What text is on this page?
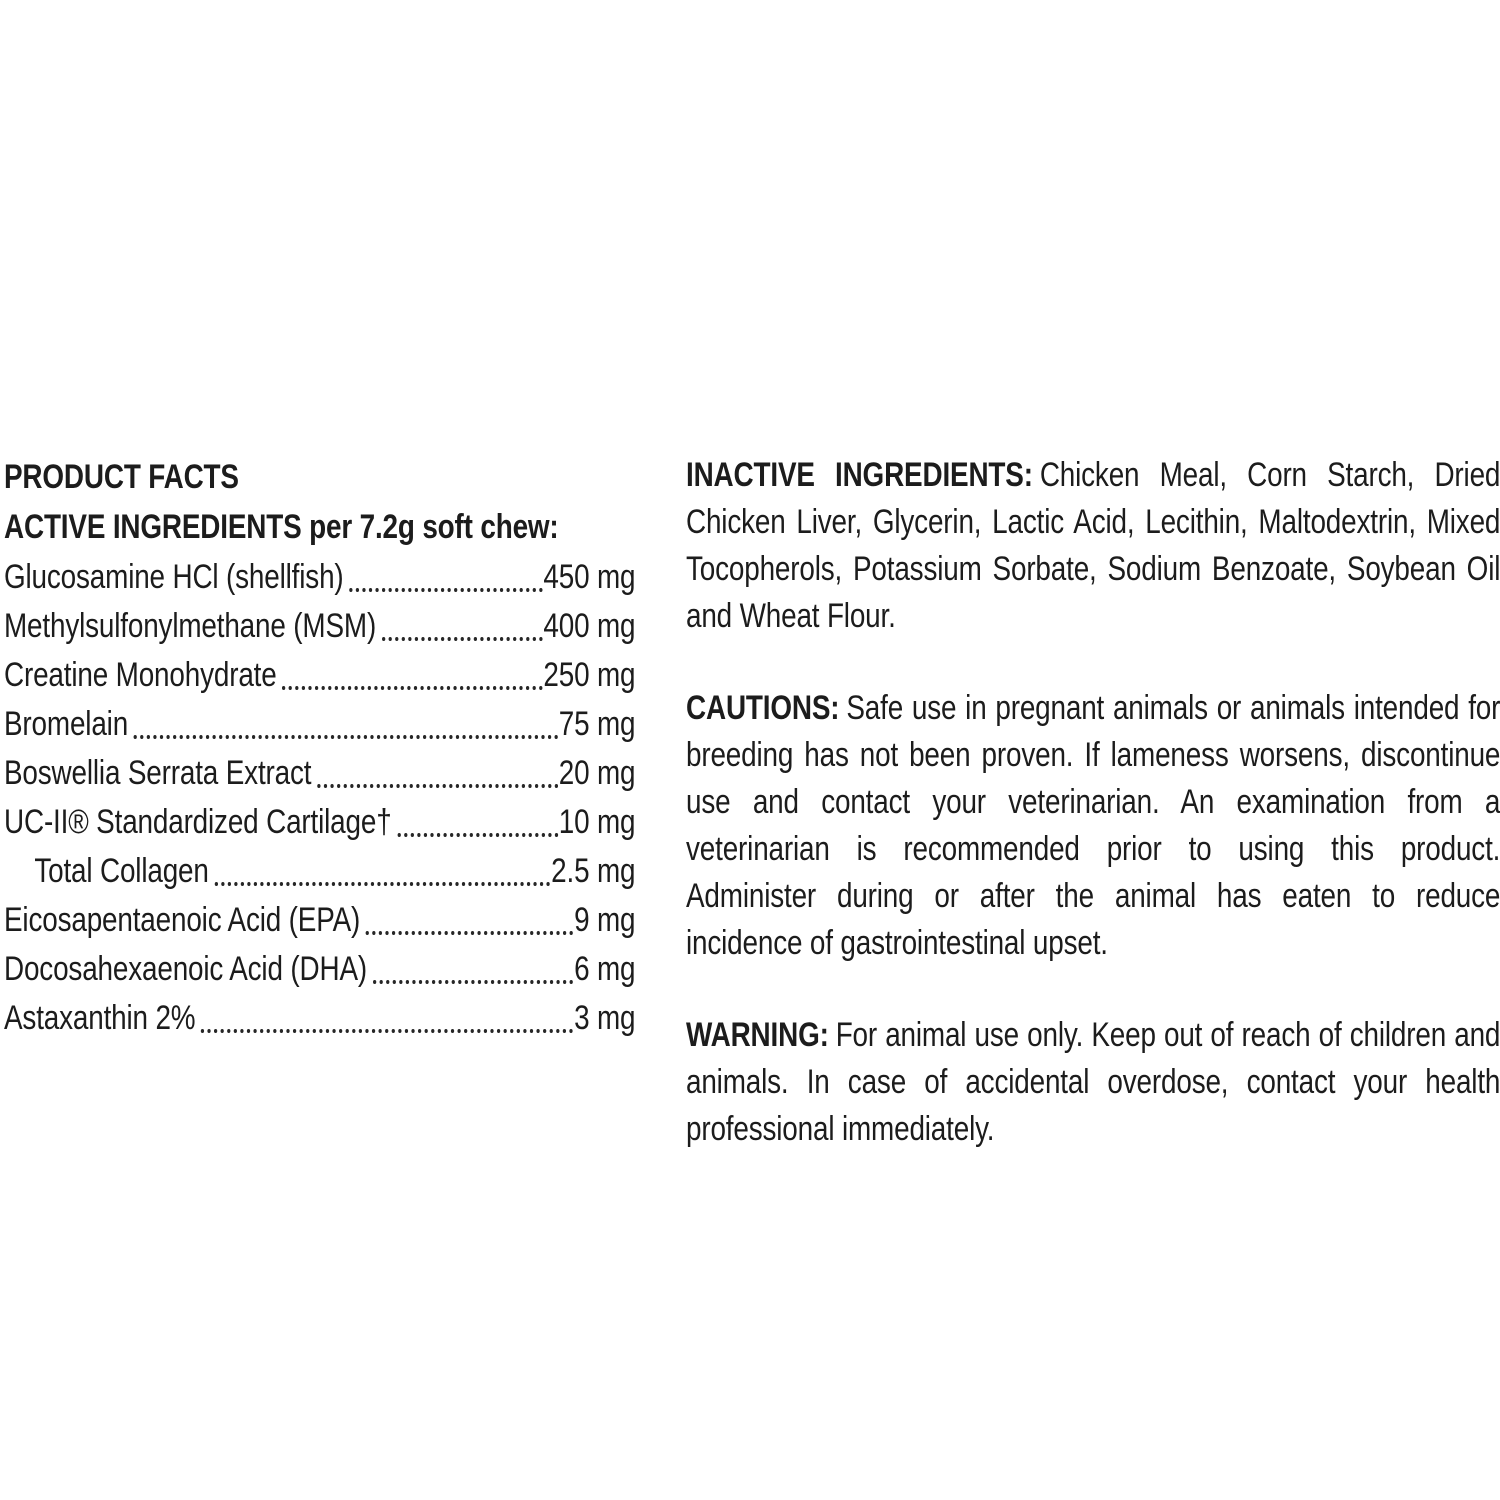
PRODUCT FACTS
ACTIVE INGREDIENTS per 7.2g soft chew:
Glucosamine HCl (shellfish)	450 mg
Methylsulfonylmethane (MSM)	400 mg
Creatine Monohydrate	250 mg
Bromelain	75 mg
Boswellia Serrata Extract	20 mg
UC-II® Standardized Cartilage†	10 mg
Total Collagen	2.5 mg
Eicosapentaenoic Acid (EPA)	9 mg
Docosahexaenoic Acid (DHA)	6 mg
Astaxanthin 2%	3 mg

INACTIVE INGREDIENTS: Chicken Meal, Corn Starch, Dried Chicken Liver, Glycerin, Lactic Acid, Lecithin, Maltodextrin, Mixed Tocopherols, Potassium Sorbate, Sodium Benzoate, Soybean Oil and Wheat Flour.

CAUTIONS: Safe use in pregnant animals or animals intended for breeding has not been proven. If lameness worsens, discontinue use and contact your veterinarian. An examination from a veterinarian is recommended prior to using this product. Administer during or after the animal has eaten to reduce incidence of gastrointestinal upset.

WARNING: For animal use only. Keep out of reach of children and animals. In case of accidental overdose, contact your health professional immediately.
